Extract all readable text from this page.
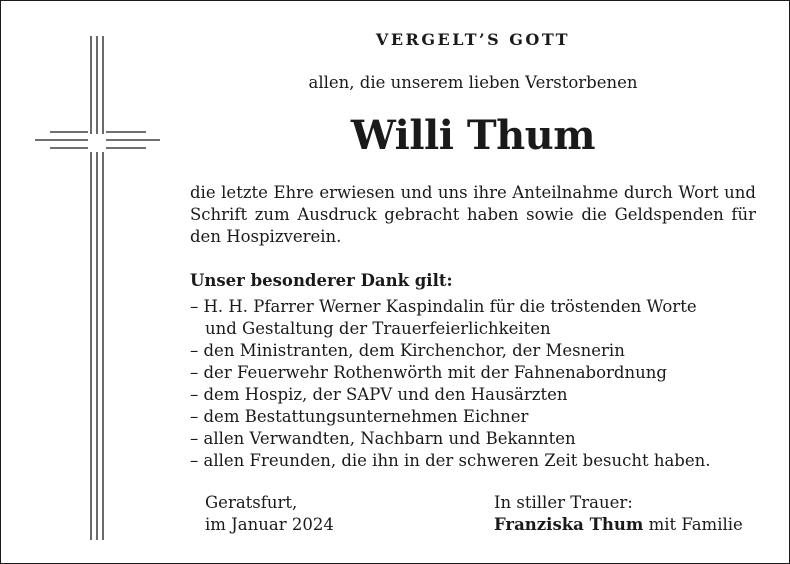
VERGELT’S GOTT
allen, die unserem lieben Verstorbenen
Willi Thum
die letzte Ehre erwiesen und uns ihre Anteilnahme durch Wort und Schrift zum Ausdruck gebracht haben sowie die Geldspenden für den Hospizverein.
Unser besonderer Dank gilt:
– H. H. Pfarrer Werner Kaspindalin für die tröstenden Worte
und Gestaltung der Trauerfeierlichkeiten
– den Ministranten, dem Kirchenchor, der Mesnerin
– der Feuerwehr Rothenwörth mit der Fahnenabordnung
– dem Hospiz, der SAPV und den Hausärzten
– dem Bestattungsunternehmen Eichner
– allen Verwandten, Nachbarn und Bekannten
– allen Freunden, die ihn in der schweren Zeit besucht haben.
Geratsfurt,
im Januar 2024
In stiller Trauer:
Franziska Thum mit Familie
